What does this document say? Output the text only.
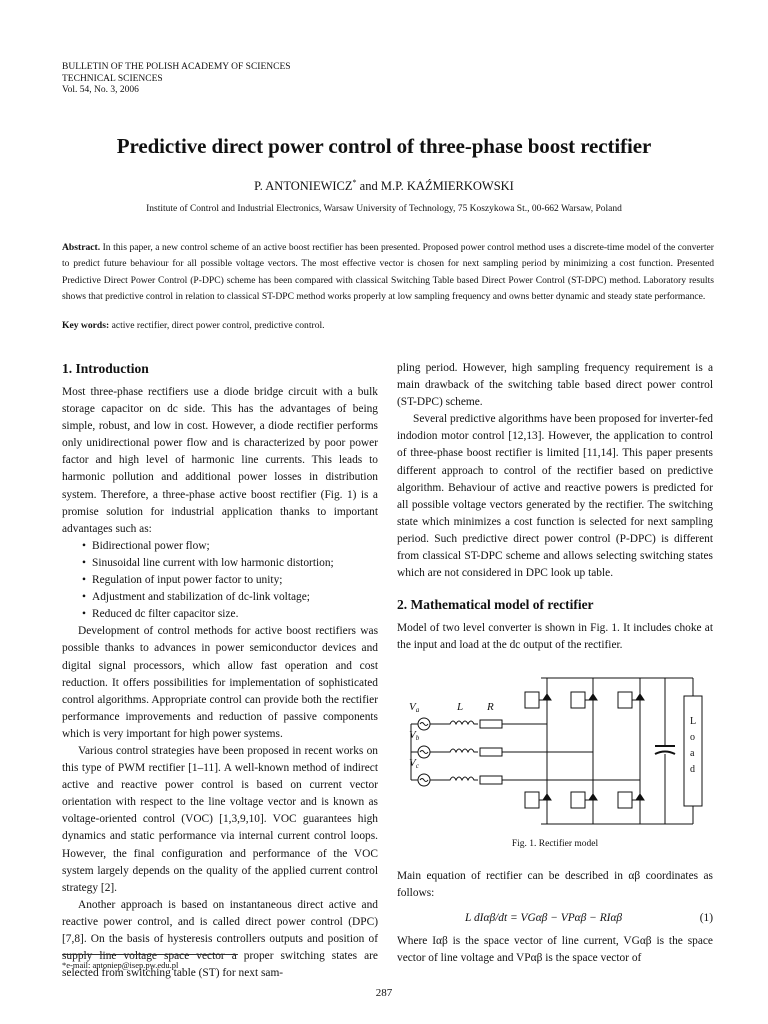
BULLETIN OF THE POLISH ACADEMY OF SCIENCES
TECHNICAL SCIENCES
Vol. 54, No. 3, 2006
Predictive direct power control of three-phase boost rectifier
P. ANTONIEWICZ* and M.P. KAŹMIERKOWSKI
Institute of Control and Industrial Electronics, Warsaw University of Technology, 75 Koszykowa St., 00-662 Warsaw, Poland
Abstract. In this paper, a new control scheme of an active boost rectifier has been presented. Proposed power control method uses a discrete-time model of the converter to predict future behaviour for all possible voltage vectors. The most effective vector is chosen for next sampling period by minimizing a cost function. Presented Predictive Direct Power Control (P-DPC) scheme has been compared with classical Switching Table based Direct Power Control (ST-DPC) method. Laboratory results shows that predictive control in relation to classical ST-DPC method works properly at low sampling frequency and owns better dynamic and steady state performance.
Key words: active rectifier, direct power control, predictive control.
1. Introduction

Most three-phase rectifiers use a diode bridge circuit with a bulk storage capacitor on dc side. This has the advantages of being simple, robust, and low in cost. However, a diode rectifier performs only unidirectional power flow and is characterized by poor power factor and high level of harmonic line currents. This leads to harmonic pollution and additional power losses in distribution system. Therefore, a three-phase active boost rectifier (Fig. 1) is a promise solution for industrial application thanks to important advantages such as:

• Bidirectional power flow;
• Sinusoidal line current with low harmonic distortion;
• Regulation of input power factor to unity;
• Adjustment and stabilization of dc-link voltage;
• Reduced dc filter capacitor size.

Development of control methods for active boost rectifiers was possible thanks to advances in power semiconductor devices and digital signal processors, which allow fast operation and cost reduction. It offers possibilities for implementation of sophisticated control algorithms. Appropriate control can provide both the rectifier performance improvements and reduction of passive components which is very important for high power systems.

Various control strategies have been proposed in recent works on this type of PWM rectifier [1–11]. A well-known method of indirect active and reactive power control is based on current vector orientation with respect to the line voltage vector and is known as voltage-oriented control (VOC) [1,3,9,10]. VOC guarantees high dynamics and static performance via internal current control loops. However, the final configuration and performance of the VOC system largely depends on the quality of the applied current control strategy [2].

Another approach is based on instantaneous direct active and reactive power control, and is called direct power control (DPC) [7,8]. On the basis of hysteresis controllers outputs and position of supply line voltage space vector a proper switching states are selected from switching table (ST) for next sam-

pling period. However, high sampling frequency requirement is a main drawback of the switching table based direct power control (ST-DPC) scheme.

Several predictive algorithms have been proposed for inverter-fed indodion motor control [12,13]. However, the application to control of three-phase boost rectifier is limited [11,14]. This paper presents different approach to control of the rectifier based on predictive algorithm. Behaviour of active and reactive powers is predicted for all possible voltage vectors generated by the rectifier. The switching state which minimizes a cost function is selected for next sampling period. Such predictive direct power control (P-DPC) is different from classical ST-DPC scheme and allows selecting switching states which are not considered in DPC look up table.

2. Mathematical model of rectifier

Model of two level converter is shown in Fig. 1. It includes choke at the input and load at the dc output of the rectifier.

Va
Vb
Vc
L R
L
o
a
d
Fig. 1. Rectifier model

Main equation of rectifier can be described in αβ coordinates as follows:

L dIαβ/dt = VGαβ − VPαβ − RIαβ	(1)

Where Iαβ is the space vector of line current, VGαβ is the space vector of line voltage and VPαβ is the space vector of

*e-mail: antoniep@isep.pw.edu.pl
287
